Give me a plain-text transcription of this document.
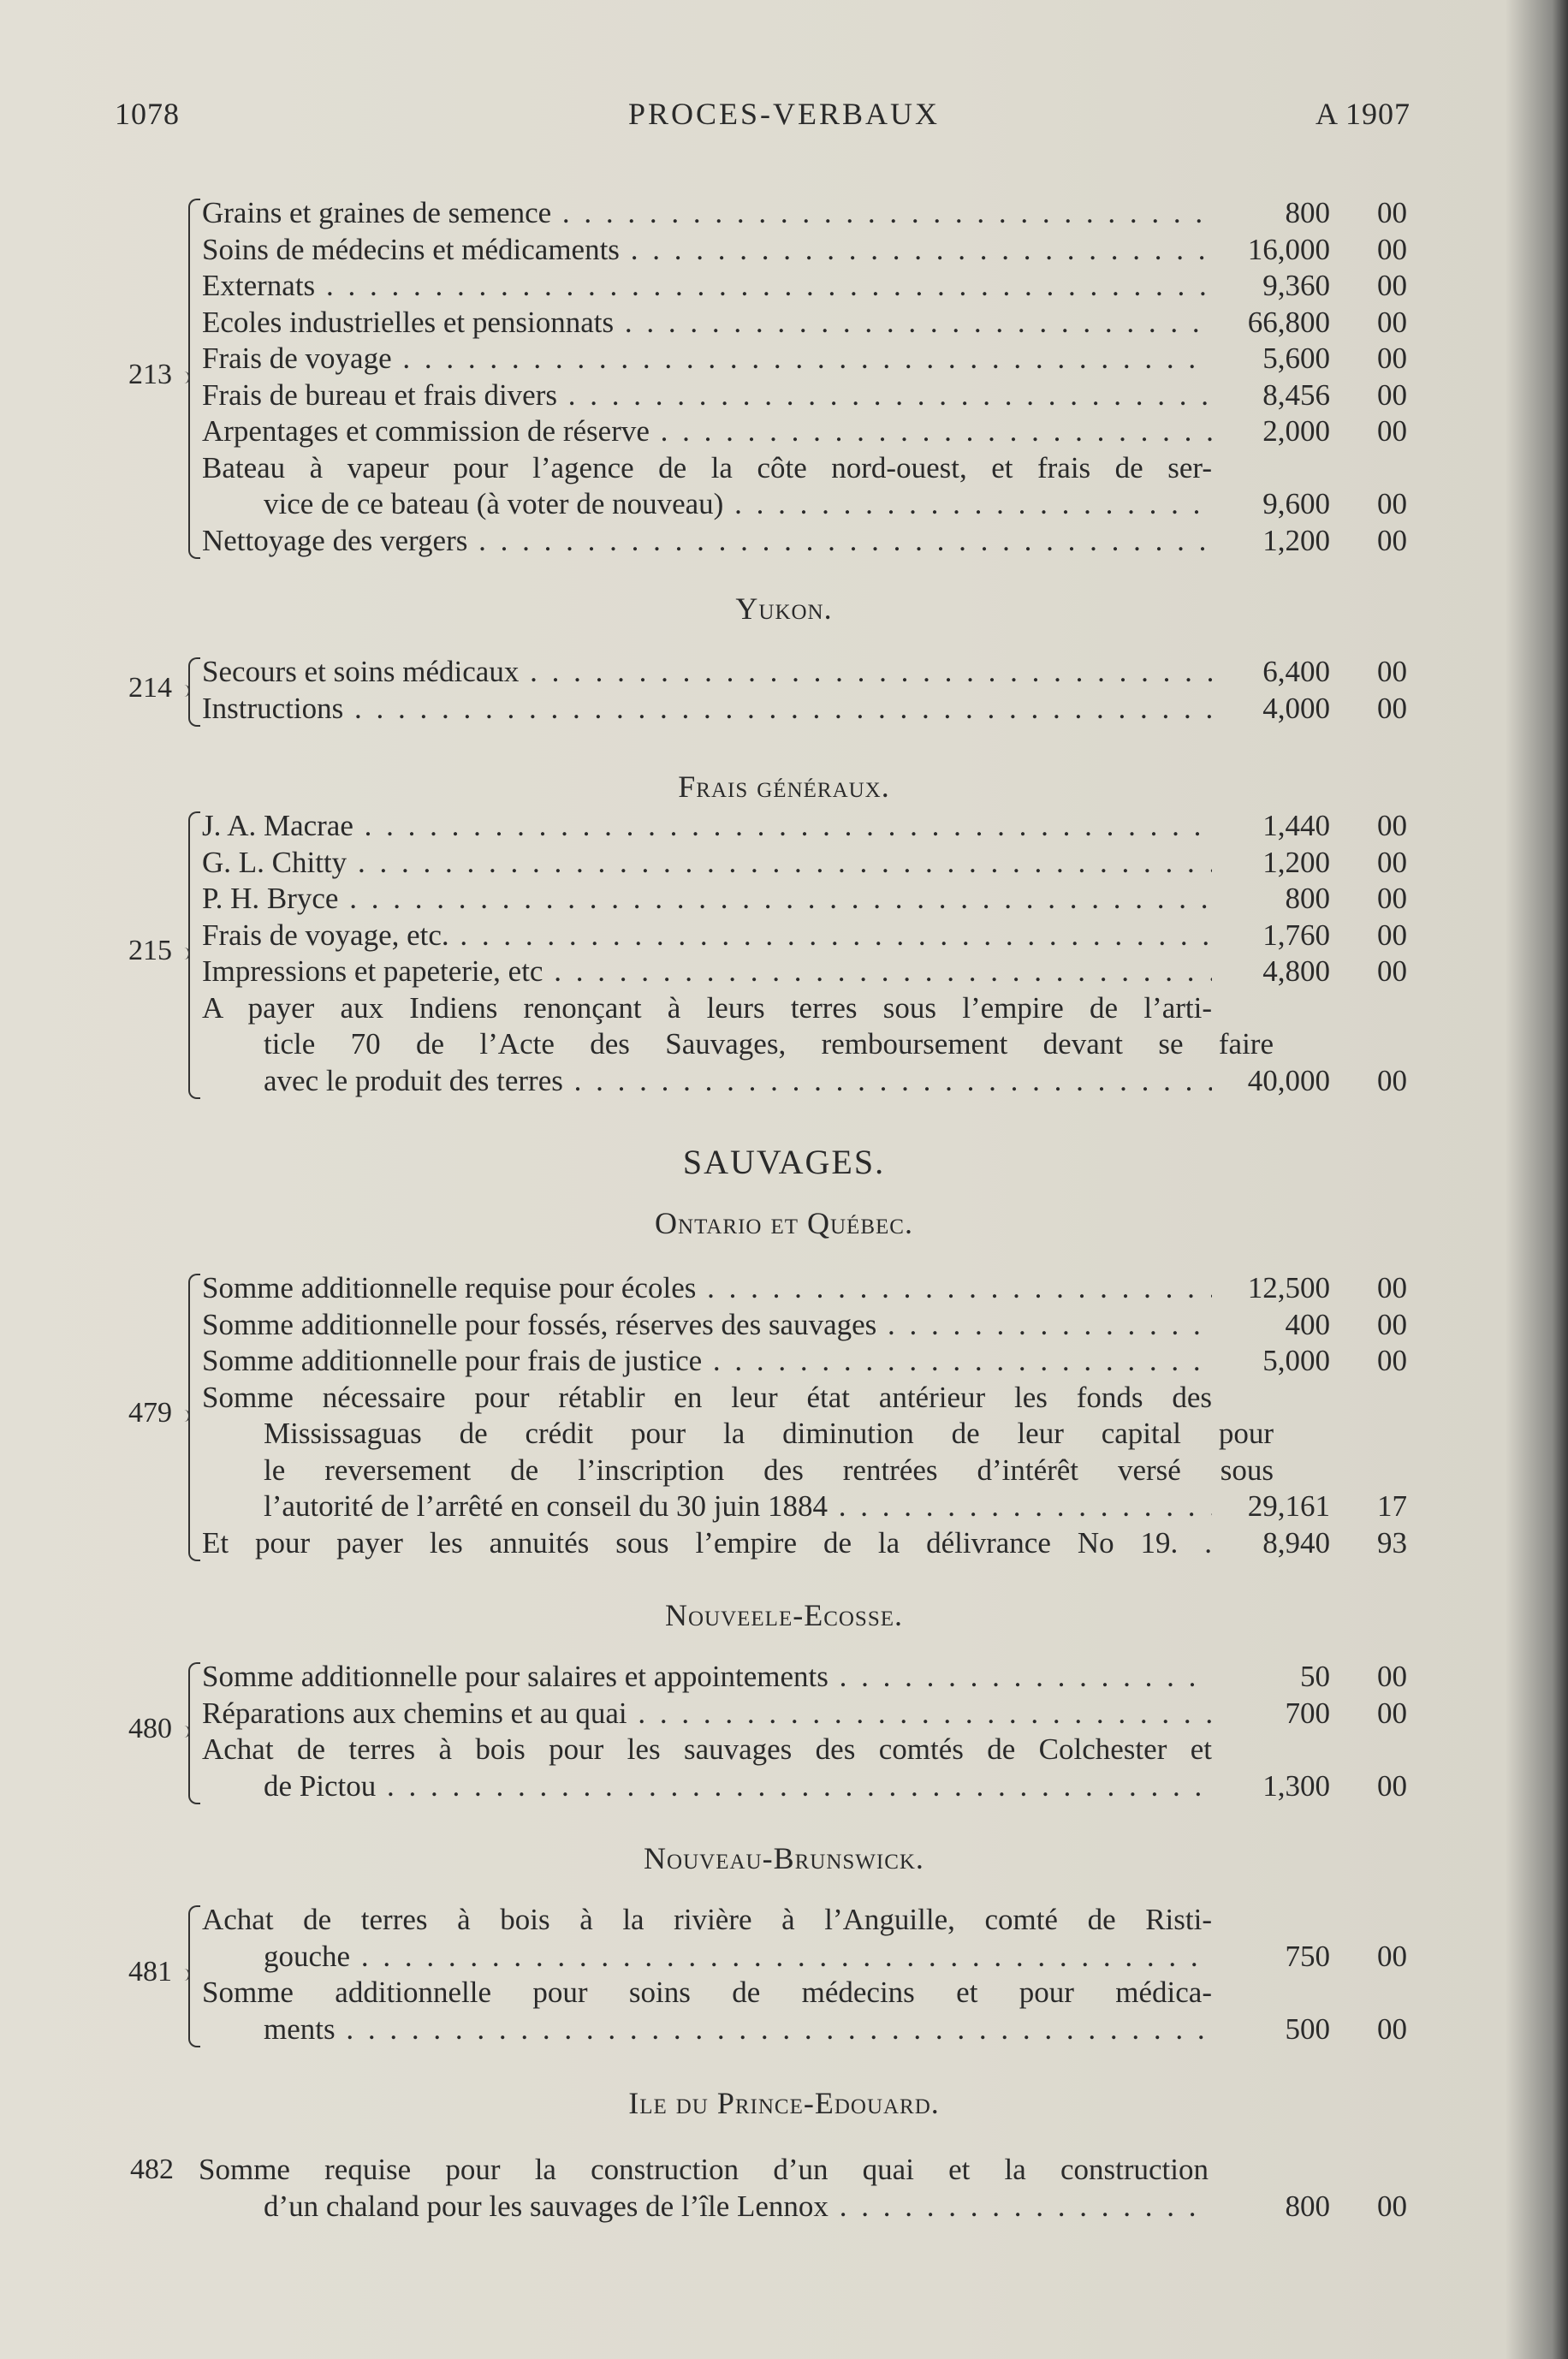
1078	PROCES-VERBAUX	A 1907
213
Grains et graines de semence . . .	800 00
Soins de médecins et médicaments . . .	16,000 00
Externats . . .	9,360 00
Ecoles industrielles et pensionnats . . .	66,800 00
Frais de voyage . . .	5,600 00
Frais de bureau et frais divers . . .	8,456 00
Arpentages et commission de réserve . . .	2,000 00
Bateau à vapeur pour l’agence de la côte nord-ouest, et frais de ser-
vice de ce bateau (à voter de nouveau) . . .	9,600 00
Nettoyage des vergers . . .	1,200 00
Yukon.
214 Secours et soins médicaux . . .	6,400 00
Instructions . . .	4,000 00
Frais généraux.
215
J. A. Macrae . . .	1,440 00
G. L. Chitty . . .	1,200 00
P. H. Bryce . . .	800 00
Frais de voyage, etc. . . .	1,760 00
Impressions et papeterie, etc . . .	4,800 00
A payer aux Indiens renonçant à leurs terres sous l’empire de l’arti-
ticle 70 de l’Acte des Sauvages, remboursement devant se faire
avec le produit des terres . . .	40,000 00
SAUVAGES.
Ontario et Québec.
479
Somme additionnelle requise pour écoles . . .	12,500 00
Somme additionnelle pour fossés, réserves des sauvages . . .	400 00
Somme additionnelle pour frais de justice . . .	5,000 00
Somme nécessaire pour rétablir en leur état antérieur les fonds des
Mississaguas de crédit pour la diminution de leur capital pour
le reversement de l’inscription des rentrées d’intérêt versé sous
l’autorité de l’arrêté en conseil du 30 juin 1884 . . .	29,161 17
Et pour payer les annuités sous l’empire de la délivrance No 19. . 8,940 93
Nouveele-Ecosse.
480
Somme additionnelle pour salaires et appointements . . .	50 00
Réparations aux chemins et au quai . . .	700 00
Achat de terres à bois pour les sauvages des comtés de Colchester et
de Pictou . . .	1,300 00
Nouveau-Brunswick.
481
Achat de terres à bois à la rivière à l’Anguille, comté de Risti-
gouche . . .	750 00
Somme additionnelle pour soins de médecins et pour médica-
ments . . .	500 00
Ile du Prince-Edouard.
482 Somme requise pour la construction d’un quai et la construction
d’un chaland pour les sauvages de l’île Lennox . . .	800 00
